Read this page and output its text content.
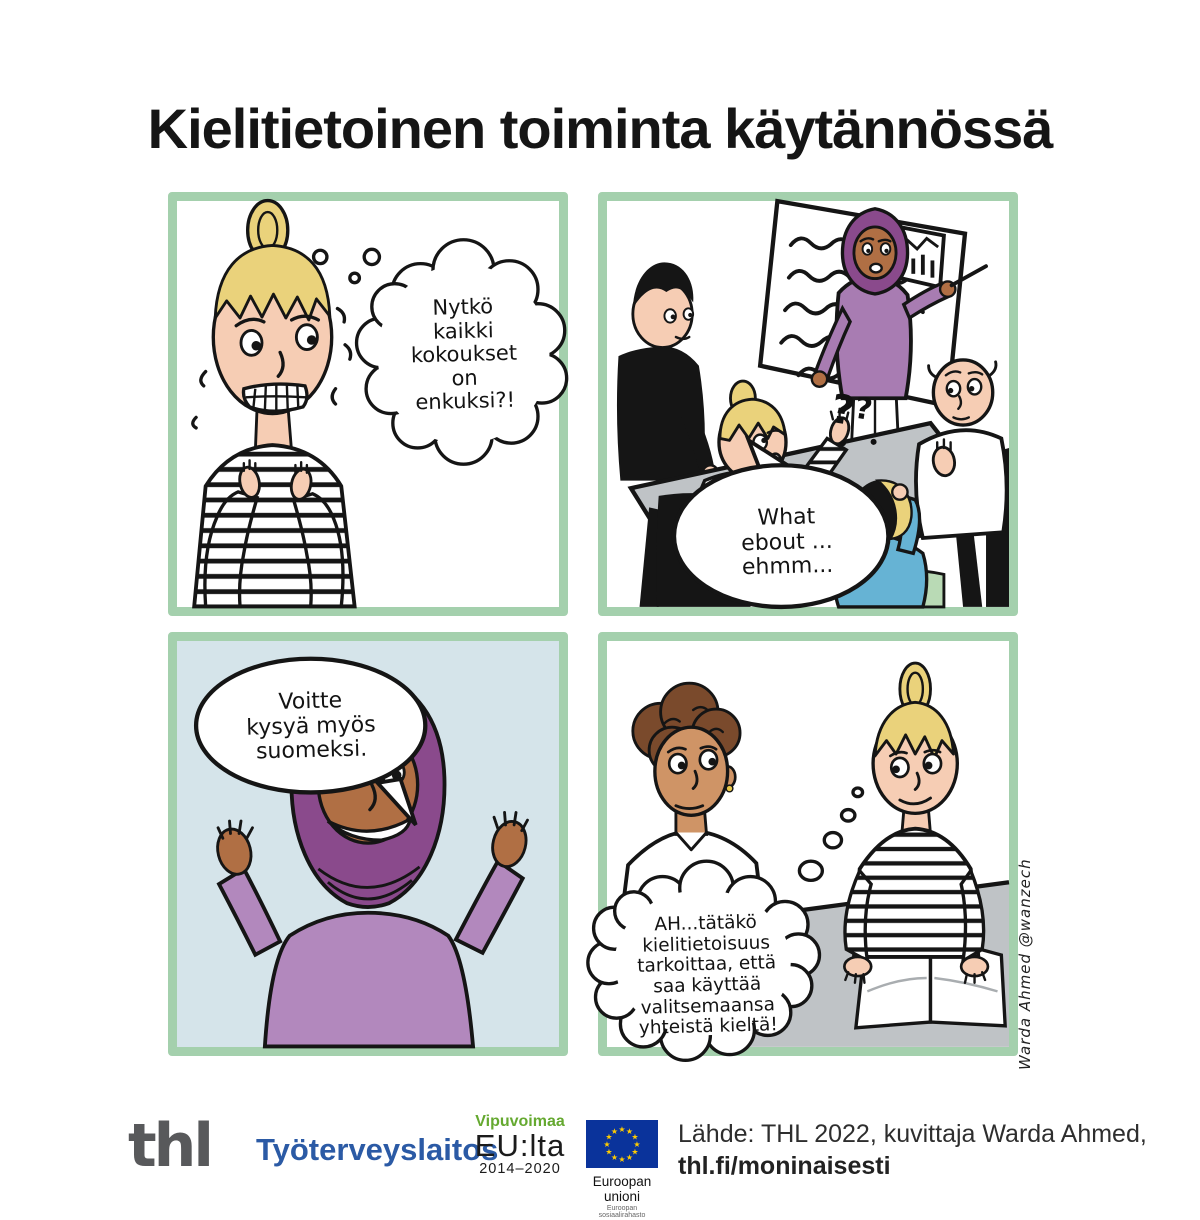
Kielitietoinen toiminta käytännössä
Nytkö
kaikki
kokoukset
on
enkuksi?!	??
What
ebout ...
ehmm...
Voitte
kysyä myös
suomeksi.
AH...tätäkö
kielitietoisuus
tarkoittaa, että
saa käyttää
valitsemaansa
yhteistä kieltä!	Warda Ahmed @wanzech
thl Työterveyslaitos
Vipuvoimaa
EU:lta
2014–2020
★ ★
★
★
★
★
★
★
★
★
★
★
Euroopan unioni
Euroopan sosiaalirahasto
Lähde: THL 2022, kuvittaja Warda Ahmed,
thl.fi/moninaisesti
